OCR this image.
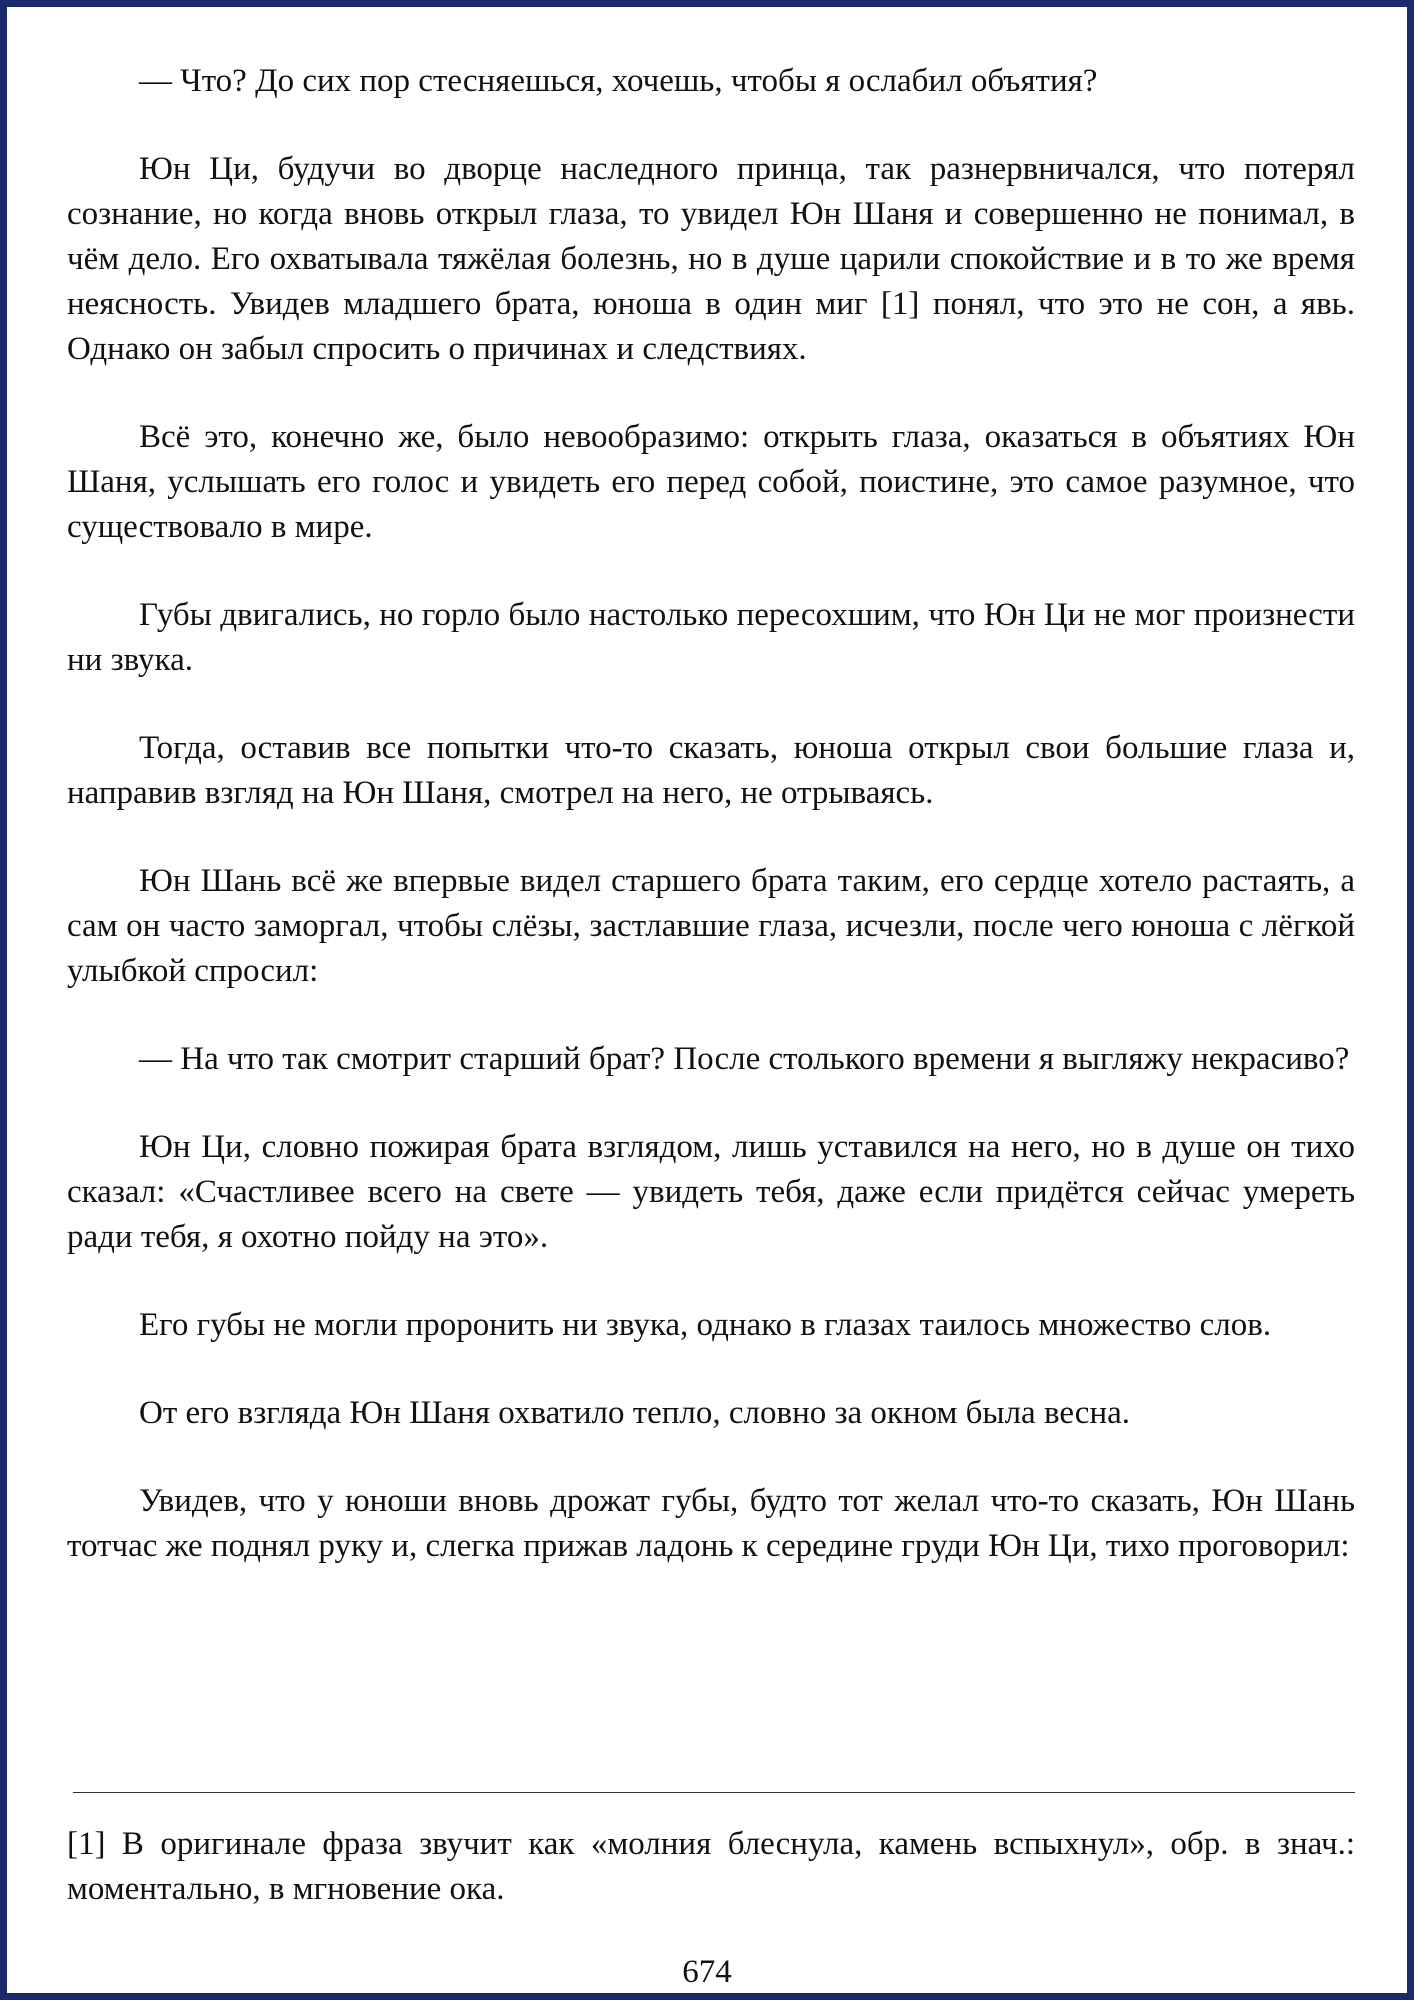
— Что? До сих пор стесняешься, хочешь, чтобы я ослабил объятия?

Юн Ци, будучи во дворце наследного принца, так разнервничался, что потерял сознание, но когда вновь открыл глаза, то увидел Юн Шаня и совершенно не понимал, в чём дело. Его охватывала тяжёлая болезнь, но в душе царили спокойствие и в то же время неясность. Увидев младшего брата, юноша в один миг [1] понял, что это не сон, а явь. Однако он забыл спросить о причинах и следствиях.

Всё это, конечно же, было невообразимо: открыть глаза, оказаться в объятиях Юн Шаня, услышать его голос и увидеть его перед собой, поистине, это самое разумное, что существовало в мире.

Губы двигались, но горло было настолько пересохшим, что Юн Ци не мог произнести ни звука.

Тогда, оставив все попытки что-то сказать, юноша открыл свои большие глаза и, направив взгляд на Юн Шаня, смотрел на него, не отрываясь.

Юн Шань всё же впервые видел старшего брата таким, его сердце хотело растаять, а сам он часто заморгал, чтобы слёзы, застлавшие глаза, исчезли, после чего юноша с лёгкой улыбкой спросил:

— На что так смотрит старший брат? После столького времени я выгляжу некрасиво?

Юн Ци, словно пожирая брата взглядом, лишь уставился на него, но в душе он тихо сказал: «Счастливее всего на свете — увидеть тебя, даже если придётся сейчас умереть ради тебя, я охотно пойду на это».

Его губы не могли проронить ни звука, однако в глазах таилось множество слов.

От его взгляда Юн Шаня охватило тепло, словно за окном была весна.

Увидев, что у юноши вновь дрожат губы, будто тот желал что-то сказать, Юн Шань тотчас же поднял руку и, слегка прижав ладонь к середине груди Юн Ци, тихо проговорил:

[1] В оригинале фраза звучит как «молния блеснула, камень вспыхнул», обр. в знач.: моментально, в мгновение ока.

674
